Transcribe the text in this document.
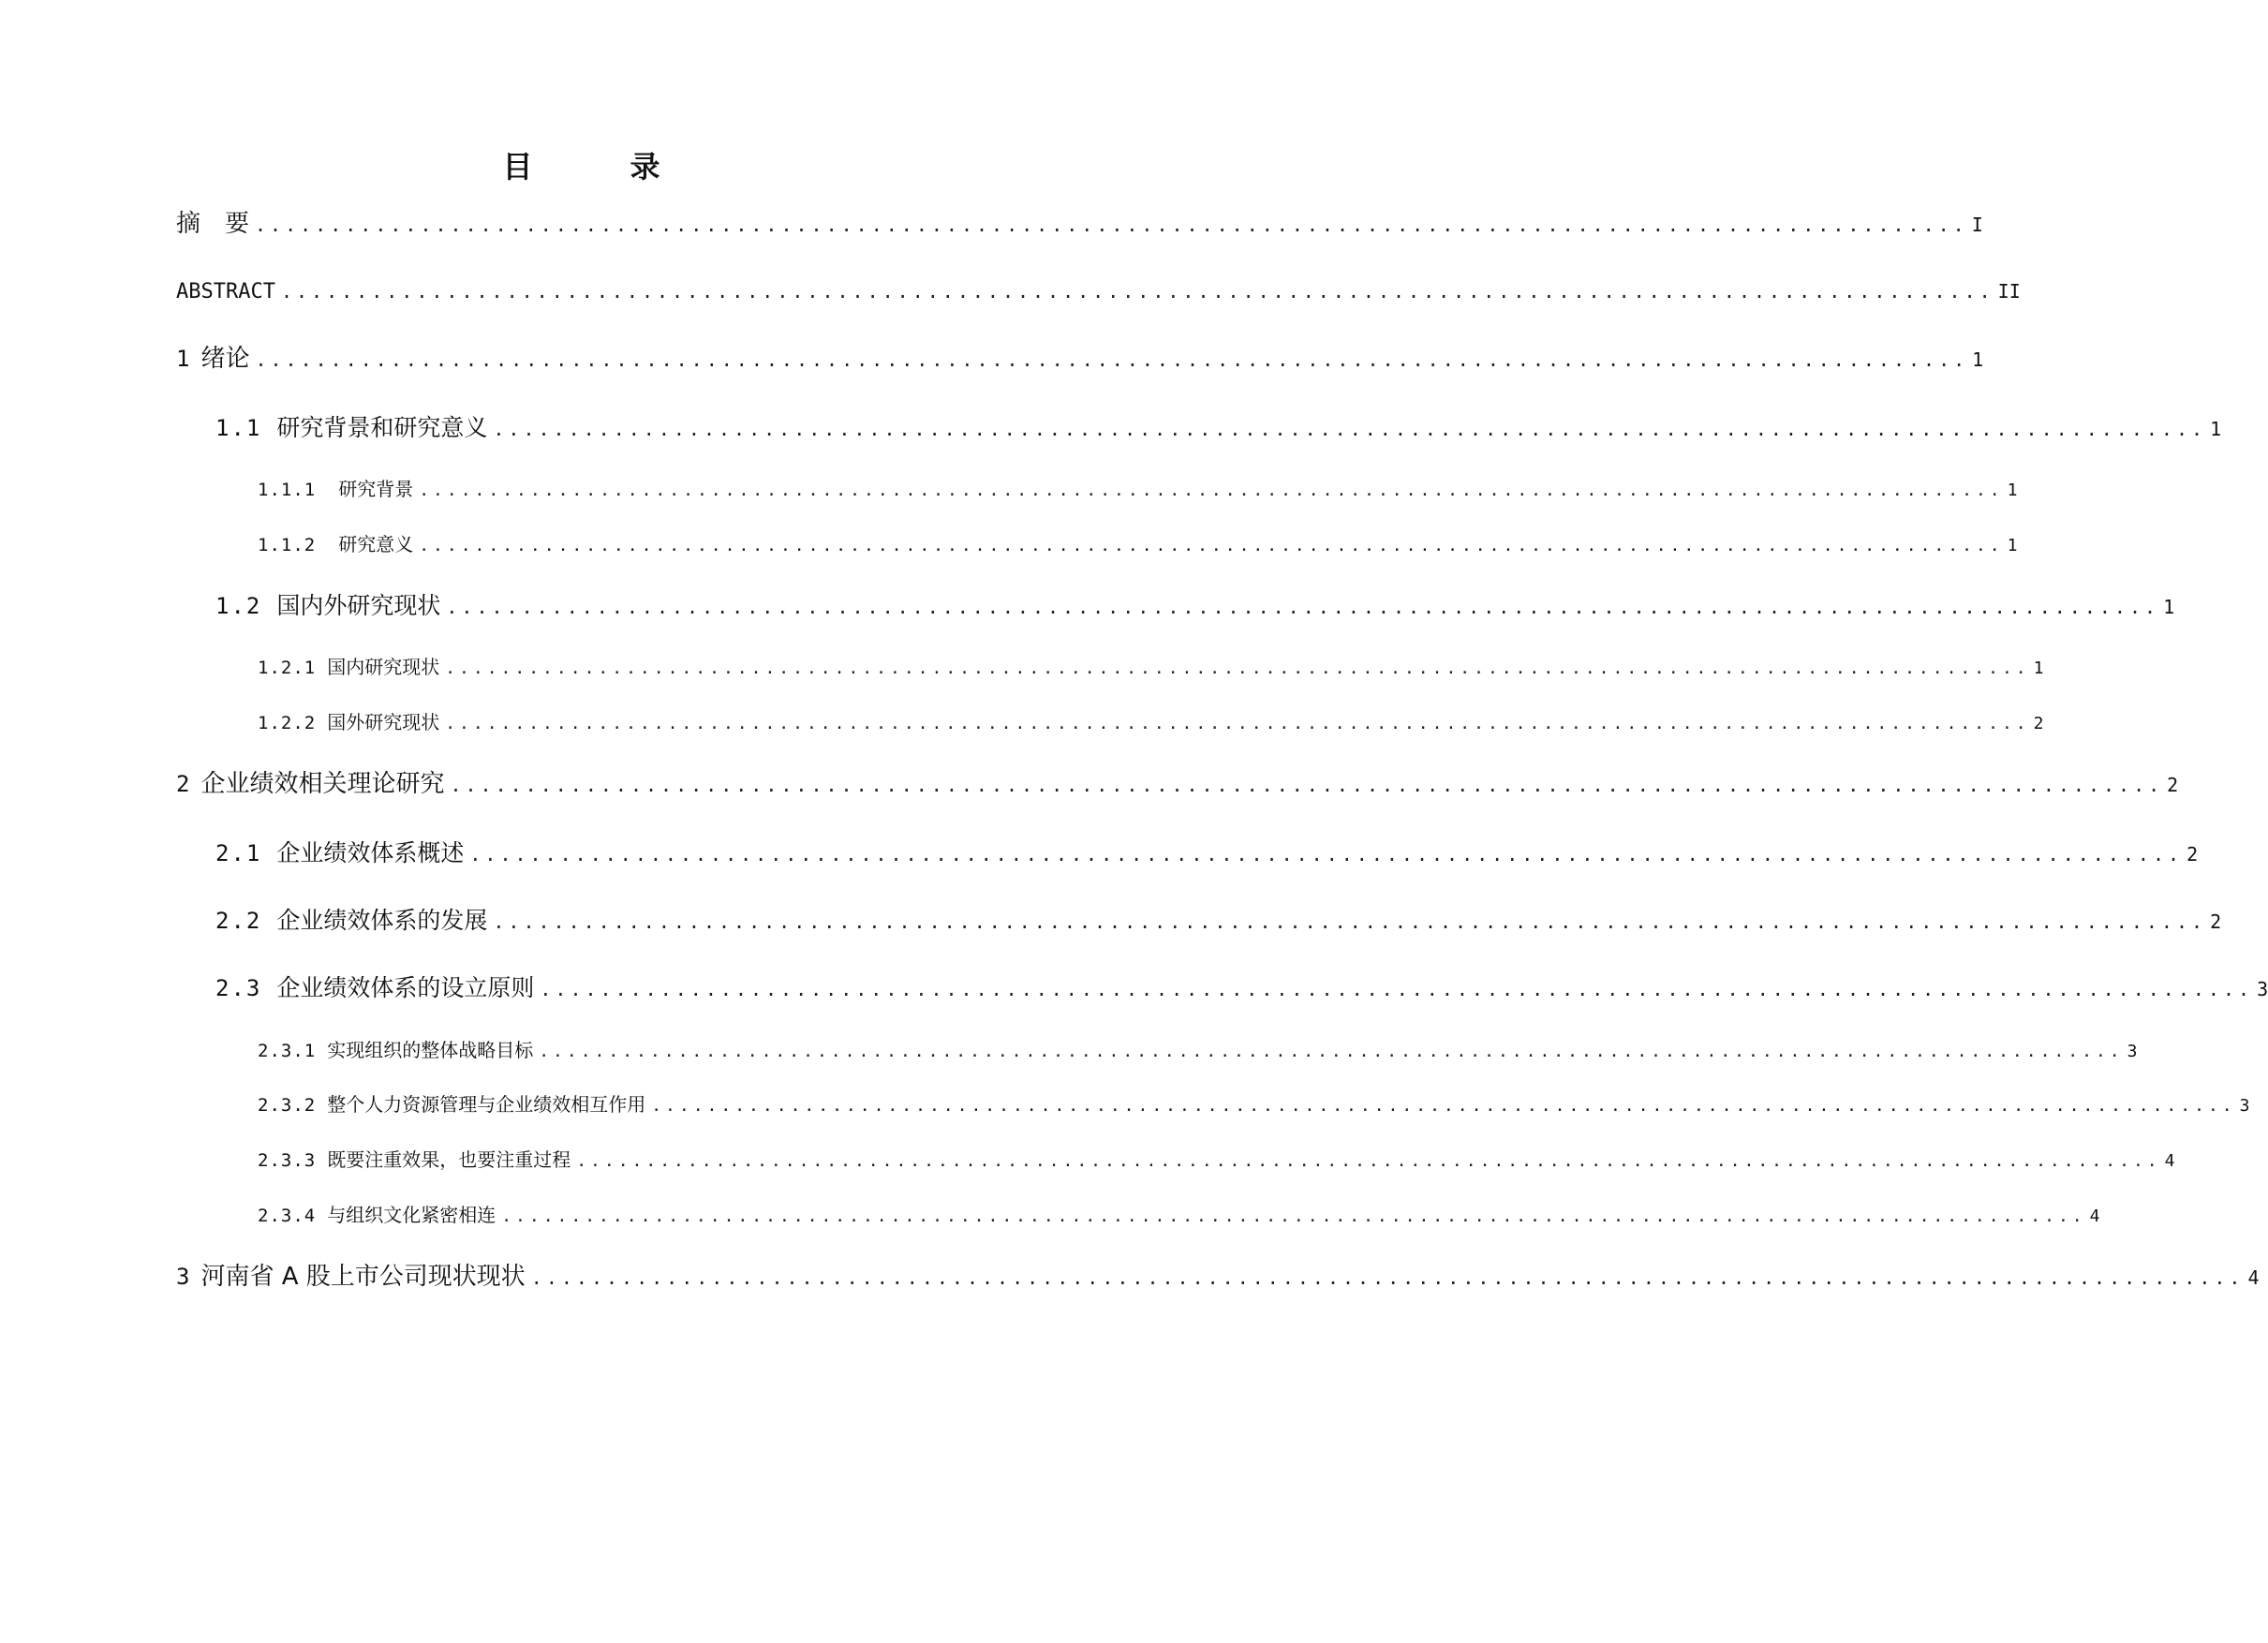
目　录
摘　要 .................................................................................................................. I
ABSTRACT .................................................................................................................. II
1 绪论 .................................................................................................................. 1
1.1 研究背景和研究意义 .................................................................................................................. 1
1.1.1 研究背景 .................................................................................................................. 1
1.1.2 研究意义 .................................................................................................................. 1
1.2 国内外研究现状 .................................................................................................................. 1
1.2.1 国内研究现状 .................................................................................................................. 1
1.2.2 国外研究现状 .................................................................................................................. 2
2 企业绩效相关理论研究 .................................................................................................................. 2
2.1 企业绩效体系概述 .................................................................................................................. 2
2.2 企业绩效体系的发展 .................................................................................................................. 2
2.3 企业绩效体系的设立原则 .................................................................................................................. 3
2.3.1 实现组织的整体战略目标 .................................................................................................................. 3
2.3.2 整个人力资源管理与企业绩效相互作用 .................................................................................................................. 3
2.3.3 既要注重效果，也要注重过程 .................................................................................................................. 4
2.3.4 与组织文化紧密相连 .................................................................................................................. 4
3 河南省 A 股上市公司现状现状 .................................................................................................................. 4
